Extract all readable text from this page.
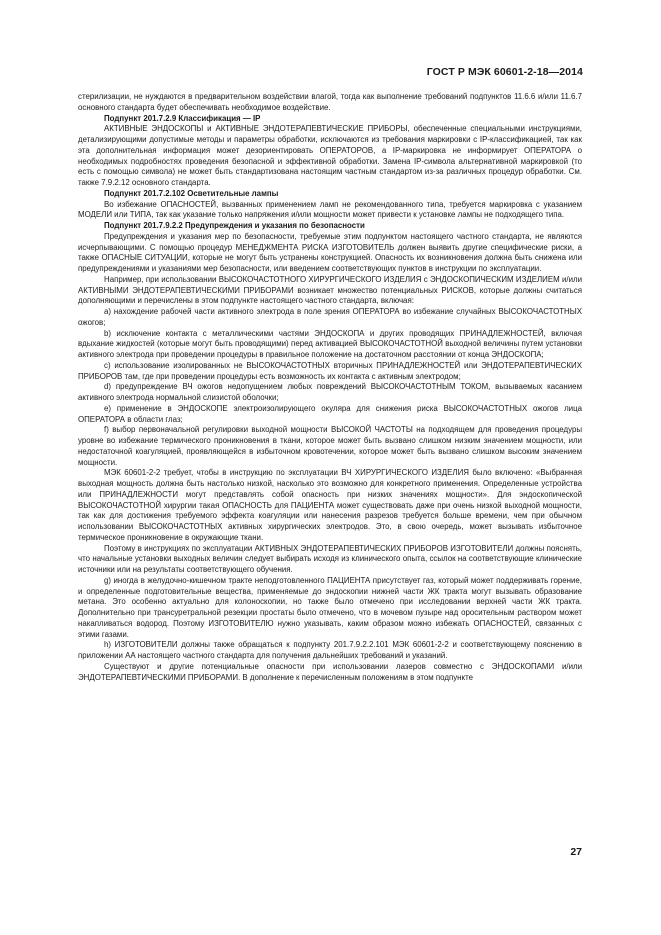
ГОСТ Р МЭК 60601-2-18—2014

стерилизации, не нуждаются в предварительном воздействии влагой, тогда как выполнение требований подпунктов 11.6.6 и/или 11.6.7 основного стандарта будет обеспечивать необходимое воздействие.

Подпункт 201.7.2.9 Классификация — IP

АКТИВНЫЕ ЭНДОСКОПЫ и АКТИВНЫЕ ЭНДОТЕРАПЕВТИЧЕСКИЕ ПРИБОРЫ, обеспеченные специальными инструкциями, детализирующими допустимые методы и параметры обработки, исключаются из требования маркировки с IP-классификацией, так как эта дополнительная информация может дезориентировать ОПЕРАТОРОВ, а IP-маркировка не информирует ОПЕРАТОРА о необходимых подробностях проведения безопасной и эффективной обработки. Замена IP-символа альтернативной маркировкой (то есть с помощью символа) не может быть стандартизована настоящим частным стандартом из-за различных процедур обработки. См. также 7.9.2.12 основного стандарта.

Подпункт 201.7.2.102 Осветительные лампы

Во избежание ОПАСНОСТЕЙ, вызванных применением ламп не рекомендованного типа, требуется маркировка с указанием МОДЕЛИ или ТИПА, так как указание только напряжения и/или мощности может привести к установке лампы не подходящего типа.

Подпункт 201.7.9.2.2 Предупреждения и указания по безопасности

Предупреждения и указания мер по безопасности, требуемые этим подпунктом настоящего частного стандарта, не являются исчерпывающими. С помощью процедур МЕНЕДЖМЕНТА РИСКА ИЗГОТОВИТЕЛЬ должен выявить другие специфические риски, а также ОПАСНЫЕ СИТУАЦИИ, которые не могут быть устранены конструкцией. Опасность их возникновения должна быть снижена или предупреждениями и указаниями мер безопасности, или введением соответствующих пунктов в инструкции по эксплуатации.

Например, при использовании ВЫСОКОЧАСТОТНОГО ХИРУРГИЧЕСКОГО ИЗДЕЛИЯ с ЭНДОСКОПИЧЕСКИМ ИЗДЕЛИЕМ и/или АКТИВНЫМИ ЭНДОТЕРАПЕВТИЧЕСКИМИ ПРИБОРАМИ возникает множество потенциальных РИСКОВ, которые должны считаться дополняющими и перечислены в этом подпункте настоящего частного стандарта, включая:

a) нахождение рабочей части активного электрода в поле зрения ОПЕРАТОРА во избежание случайных ВЫСОКОЧАСТОТНЫХ ожогов;

b) исключение контакта с металлическими частями ЭНДОСКОПА и других проводящих ПРИНАДЛЕЖНОСТЕЙ, включая вдыхание жидкостей (которые могут быть проводящими) перед активацией ВЫСОКОЧАСТОТНОЙ выходной величины путем установки активного электрода при проведении процедуры в правильное положение на достаточном расстоянии от конца ЭНДОСКОПА;

c) использование изолированных не ВЫСОКОЧАСТОТНЫХ вторичных ПРИНАДЛЕЖНОСТЕЙ или ЭНДОТЕРАПЕВТИЧЕСКИХ ПРИБОРОВ там, где при проведении процедуры есть возможность их контакта с активным электродом;

d) предупреждение ВЧ ожогов недопущением любых повреждений ВЫСОКОЧАСТОТНЫМ ТОКОМ, вызываемых касанием активного электрода нормальной слизистой оболочки;

e) применение в ЭНДОСКОПЕ электроизолирующего окуляра для снижения риска ВЫСОКОЧАСТОТНЫХ ожогов лица ОПЕРАТОРА в области глаз;

f) выбор первоначальной регулировки выходной мощности ВЫСОКОЙ ЧАСТОТЫ на подходящем для проведения процедуры уровне во избежание термического проникновения в ткани, которое может быть вызвано слишком низким значением мощности, или недостаточной коагуляцией, проявляющейся в избыточном кровотечении, которое может быть вызвано слишком высоким значением мощности.

МЭК 60601-2-2 требует, чтобы в инструкцию по эксплуатации ВЧ ХИРУРГИЧЕСКОГО ИЗДЕЛИЯ было включено: «Выбранная выходная мощность должна быть настолько низкой, насколько это возможно для конкретного применения. Определенные устройства или ПРИНАДЛЕЖНОСТИ могут представлять собой опасность при низких значениях мощности». Для эндоскопической ВЫСОКОЧАСТОТНОЙ хирургии такая ОПАСНОСТЬ для ПАЦИЕНТА может существовать даже при очень низкой выходной мощности, так как для достижения требуемого эффекта коагуляции или нанесения разрезов требуется больше времени, чем при обычном использовании ВЫСОКОЧАСТОТНЫХ активных хирургических электродов. Это, в свою очередь, может вызывать избыточное термическое проникновение в окружающие ткани.

Поэтому в инструкциях по эксплуатации АКТИВНЫХ ЭНДОТЕРАПЕВТИЧЕСКИХ ПРИБОРОВ ИЗГОТОВИТЕЛИ должны пояснять, что начальные установки выходных величин следует выбирать исходя из клинического опыта, ссылок на соответствующие клинические источники или на результаты соответствующего обучения.

g) иногда в желудочно-кишечном тракте неподготовленного ПАЦИЕНТА присутствует газ, который может поддерживать горение, и определенные подготовительные вещества, применяемые до эндоскопии нижней части ЖК тракта могут вызывать образование метана. Это особенно актуально для колоноскопии, но также было отмечено при исследовании верхней части ЖК тракта. Дополнительно при трансуретральной резекции простаты было отмечено, что в мочевом пузыре над оросительным раствором может накапливаться водород. Поэтому ИЗГОТОВИТЕЛЮ нужно указывать, каким образом можно избежать ОПАСНОСТЕЙ, связанных с этими газами.

h) ИЗГОТОВИТЕЛИ должны также обращаться к подпункту 201.7.9.2.2.101 МЭК 60601-2-2 и соответствующему пояснению в приложении АА настоящего частного стандарта для получения дальнейших требований и указаний.

Существуют и другие потенциальные опасности при использовании лазеров совместно с ЭНДОСКОПАМИ и/или ЭНДОТЕРАПЕВТИЧЕСКИМИ ПРИБОРАМИ. В дополнение к перечисленным положениям в этом подпункте

27
